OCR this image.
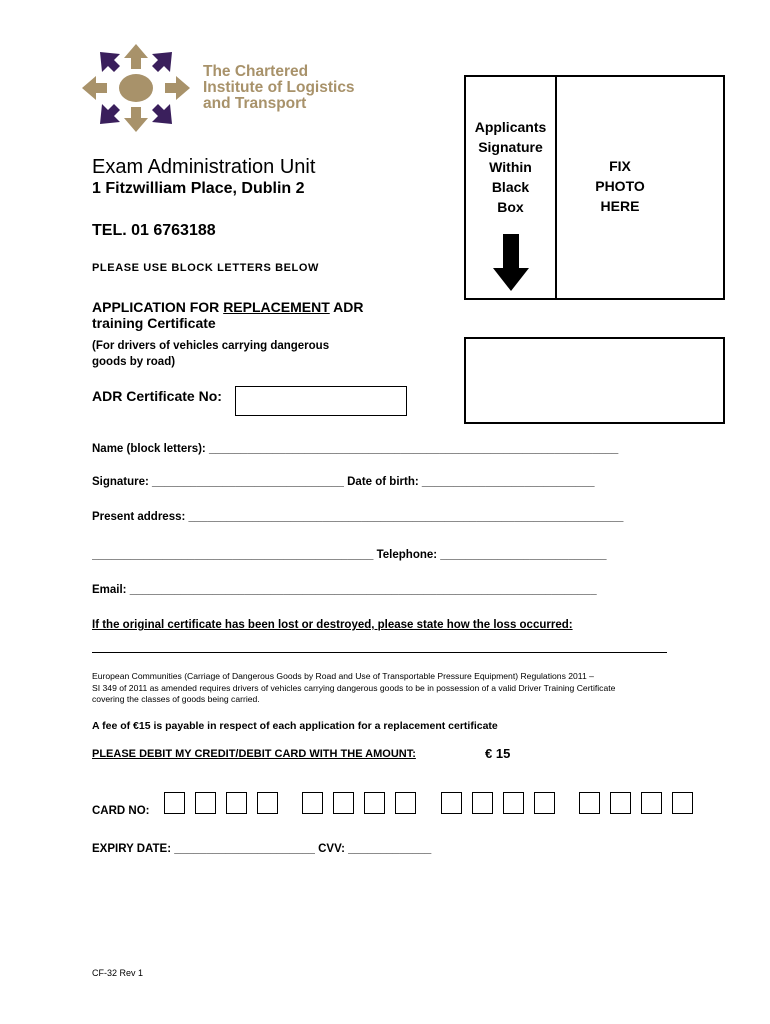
The Chartered
Institute of Logistics
and Transport
Exam Administration Unit
1 Fitzwilliam Place, Dublin 2
TEL. 01 6763188
PLEASE USE BLOCK LETTERS BELOW
APPLICATION FOR REPLACEMENT ADR
training Certificate
(For drivers of vehicles carrying dangerous
goods by road)
Applicants
Signature
Within
Black
Box
FIX
PHOTO
HERE
ADR Certificate No:
Name (block letters): ________________________________________________________________
Signature: ______________________________ Date of birth: ___________________________
Present address: ____________________________________________________________________
____________________________________________ Telephone: __________________________
Email: _________________________________________________________________________
If the original certificate has been lost or destroyed, please state how the loss occurred:
European Communities (Carriage of Dangerous Goods by Road and Use of Transportable Pressure Equipment) Regulations 2011 –
SI 349 of 2011 as amended requires drivers of vehicles carrying dangerous goods to be in possession of a valid Driver Training Certificate
covering the classes of goods being carried.
A fee of €15 is payable in respect of each application for a replacement certificate
PLEASE DEBIT MY CREDIT/DEBIT CARD WITH THE AMOUNT:	€ 15
CARD NO:
EXPIRY DATE: ______________________ CVV: _____________
CF-32 Rev 1
